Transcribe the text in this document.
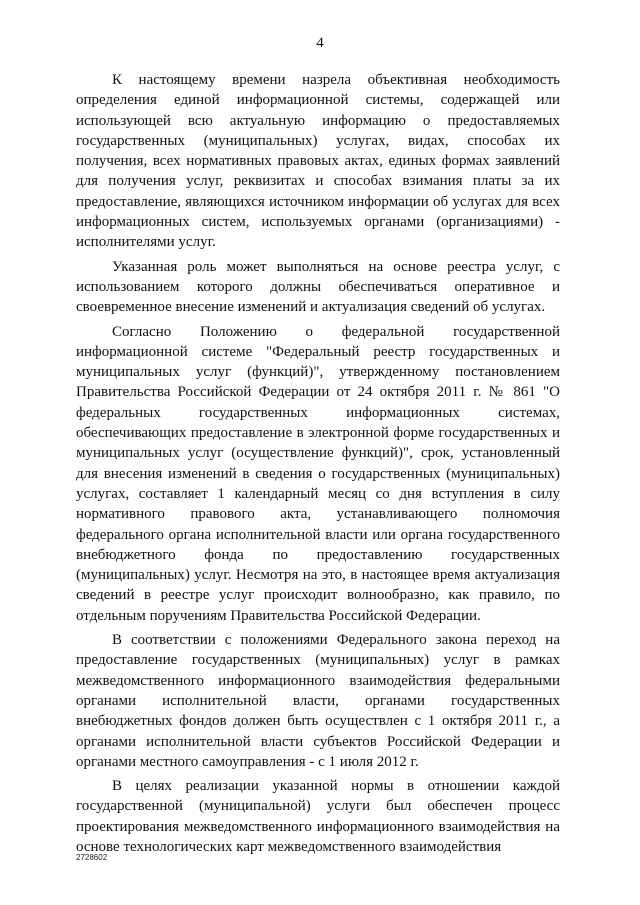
4

К настоящему времени назрела объективная необходимость определения единой информационной системы, содержащей или использующей всю актуальную информацию о предоставляемых государственных (муниципальных) услугах, видах, способах их получения, всех нормативных правовых актах, единых формах заявлений для получения услуг, реквизитах и способах взимания платы за их предоставление, являющихся источником информации об услугах для всех информационных систем, используемых органами (организациями) - исполнителями услуг.

Указанная роль может выполняться на основе реестра услуг, с использованием которого должны обеспечиваться оперативное и своевременное внесение изменений и актуализация сведений об услугах.

Согласно Положению о федеральной государственной информационной системе "Федеральный реестр государственных и муниципальных услуг (функций)", утвержденному постановлением Правительства Российской Федерации от 24 октября 2011 г. № 861 "О федеральных государственных информационных системах, обеспечивающих предоставление в электронной форме государственных и муниципальных услуг (осуществление функций)", срок, установленный для внесения изменений в сведения о государственных (муниципальных) услугах, составляет 1 календарный месяц со дня вступления в силу нормативного правового акта, устанавливающего полномочия федерального органа исполнительной власти или органа государственного внебюджетного фонда по предоставлению государственных (муниципальных) услуг. Несмотря на это, в настоящее время актуализация сведений в реестре услуг происходит волнообразно, как правило, по отдельным поручениям Правительства Российской Федерации.

В соответствии с положениями Федерального закона переход на предоставление государственных (муниципальных) услуг в рамках межведомственного информационного взаимодействия федеральными органами исполнительной власти, органами государственных внебюджетных фондов должен быть осуществлен с 1 октября 2011 г., а органами исполнительной власти субъектов Российской Федерации и органами местного самоуправления - с 1 июля 2012 г.

В целях реализации указанной нормы в отношении каждой государственной (муниципальной) услуги был обеспечен процесс проектирования межведомственного информационного взаимодействия на основе технологических карт межведомственного взаимодействия

2728602
